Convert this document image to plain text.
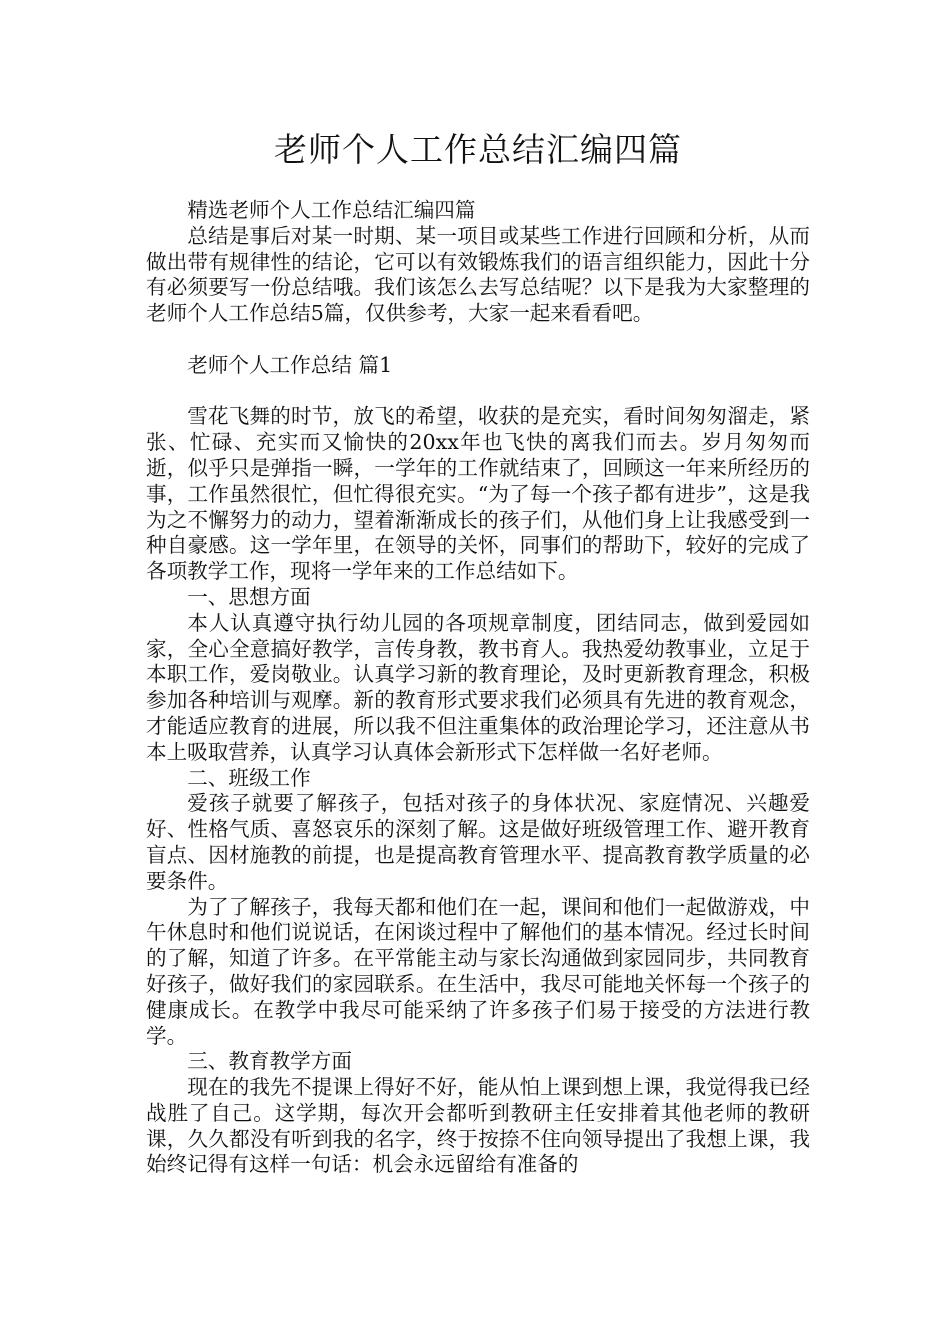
老师个人工作总结汇编四篇

精选老师个人工作总结汇编四篇

总结是事后对某一时期、某一项目或某些工作进行回顾和分析，从而做出带有规律性的结论，它可以有效锻炼我们的语言组织能力，因此十分有必须要写一份总结哦。我们该怎么去写总结呢？以下是我为大家整理的老师个人工作总结5篇，仅供参考，大家一起来看看吧。

老师个人工作总结 篇1

雪花飞舞的时节，放飞的希望，收获的是充实，看时间匆匆溜走，紧张、忙碌、充实而又愉快的20xx年也飞快的离我们而去。岁月匆匆而逝，似乎只是弹指一瞬，一学年的工作就结束了，回顾这一年来所经历的事，工作虽然很忙，但忙得很充实。“为了每一个孩子都有进步”，这是我为之不懈努力的动力，望着渐渐成长的孩子们，从他们身上让我感受到一种自豪感。这一学年里，在领导的关怀，同事们的帮助下，较好的完成了各项教学工作，现将一学年来的工作总结如下。

一、思想方面

本人认真遵守执行幼儿园的各项规章制度，团结同志，做到爱园如家，全心全意搞好教学，言传身教，教书育人。我热爱幼教事业，立足于本职工作，爱岗敬业。认真学习新的教育理论，及时更新教育理念，积极参加各种培训与观摩。新的教育形式要求我们必须具有先进的教育观念，才能适应教育的进展，所以我不但注重集体的政治理论学习，还注意从书本上吸取营养，认真学习认真体会新形式下怎样做一名好老师。

二、班级工作

爱孩子就要了解孩子，包括对孩子的身体状况、家庭情况、兴趣爱好、性格气质、喜怒哀乐的深刻了解。这是做好班级管理工作、避开教育盲点、因材施教的前提，也是提高教育管理水平、提高教育教学质量的必要条件。

为了了解孩子，我每天都和他们在一起，课间和他们一起做游戏，中午休息时和他们说说话，在闲谈过程中了解他们的基本情况。经过长时间的了解，知道了许多。在平常能主动与家长沟通做到家园同步，共同教育好孩子，做好我们的家园联系。在生活中，我尽可能地关怀每一个孩子的健康成长。在教学中我尽可能采纳了许多孩子们易于接受的方法进行教学。

三、教育教学方面

现在的我先不提课上得好不好，能从怕上课到想上课，我觉得我已经战胜了自己。这学期，每次开会都听到教研主任安排着其他老师的教研课，久久都没有听到我的名字，终于按捺不住向领导提出了我想上课，我始终记得有这样一句话：机会永远留给有准备的
